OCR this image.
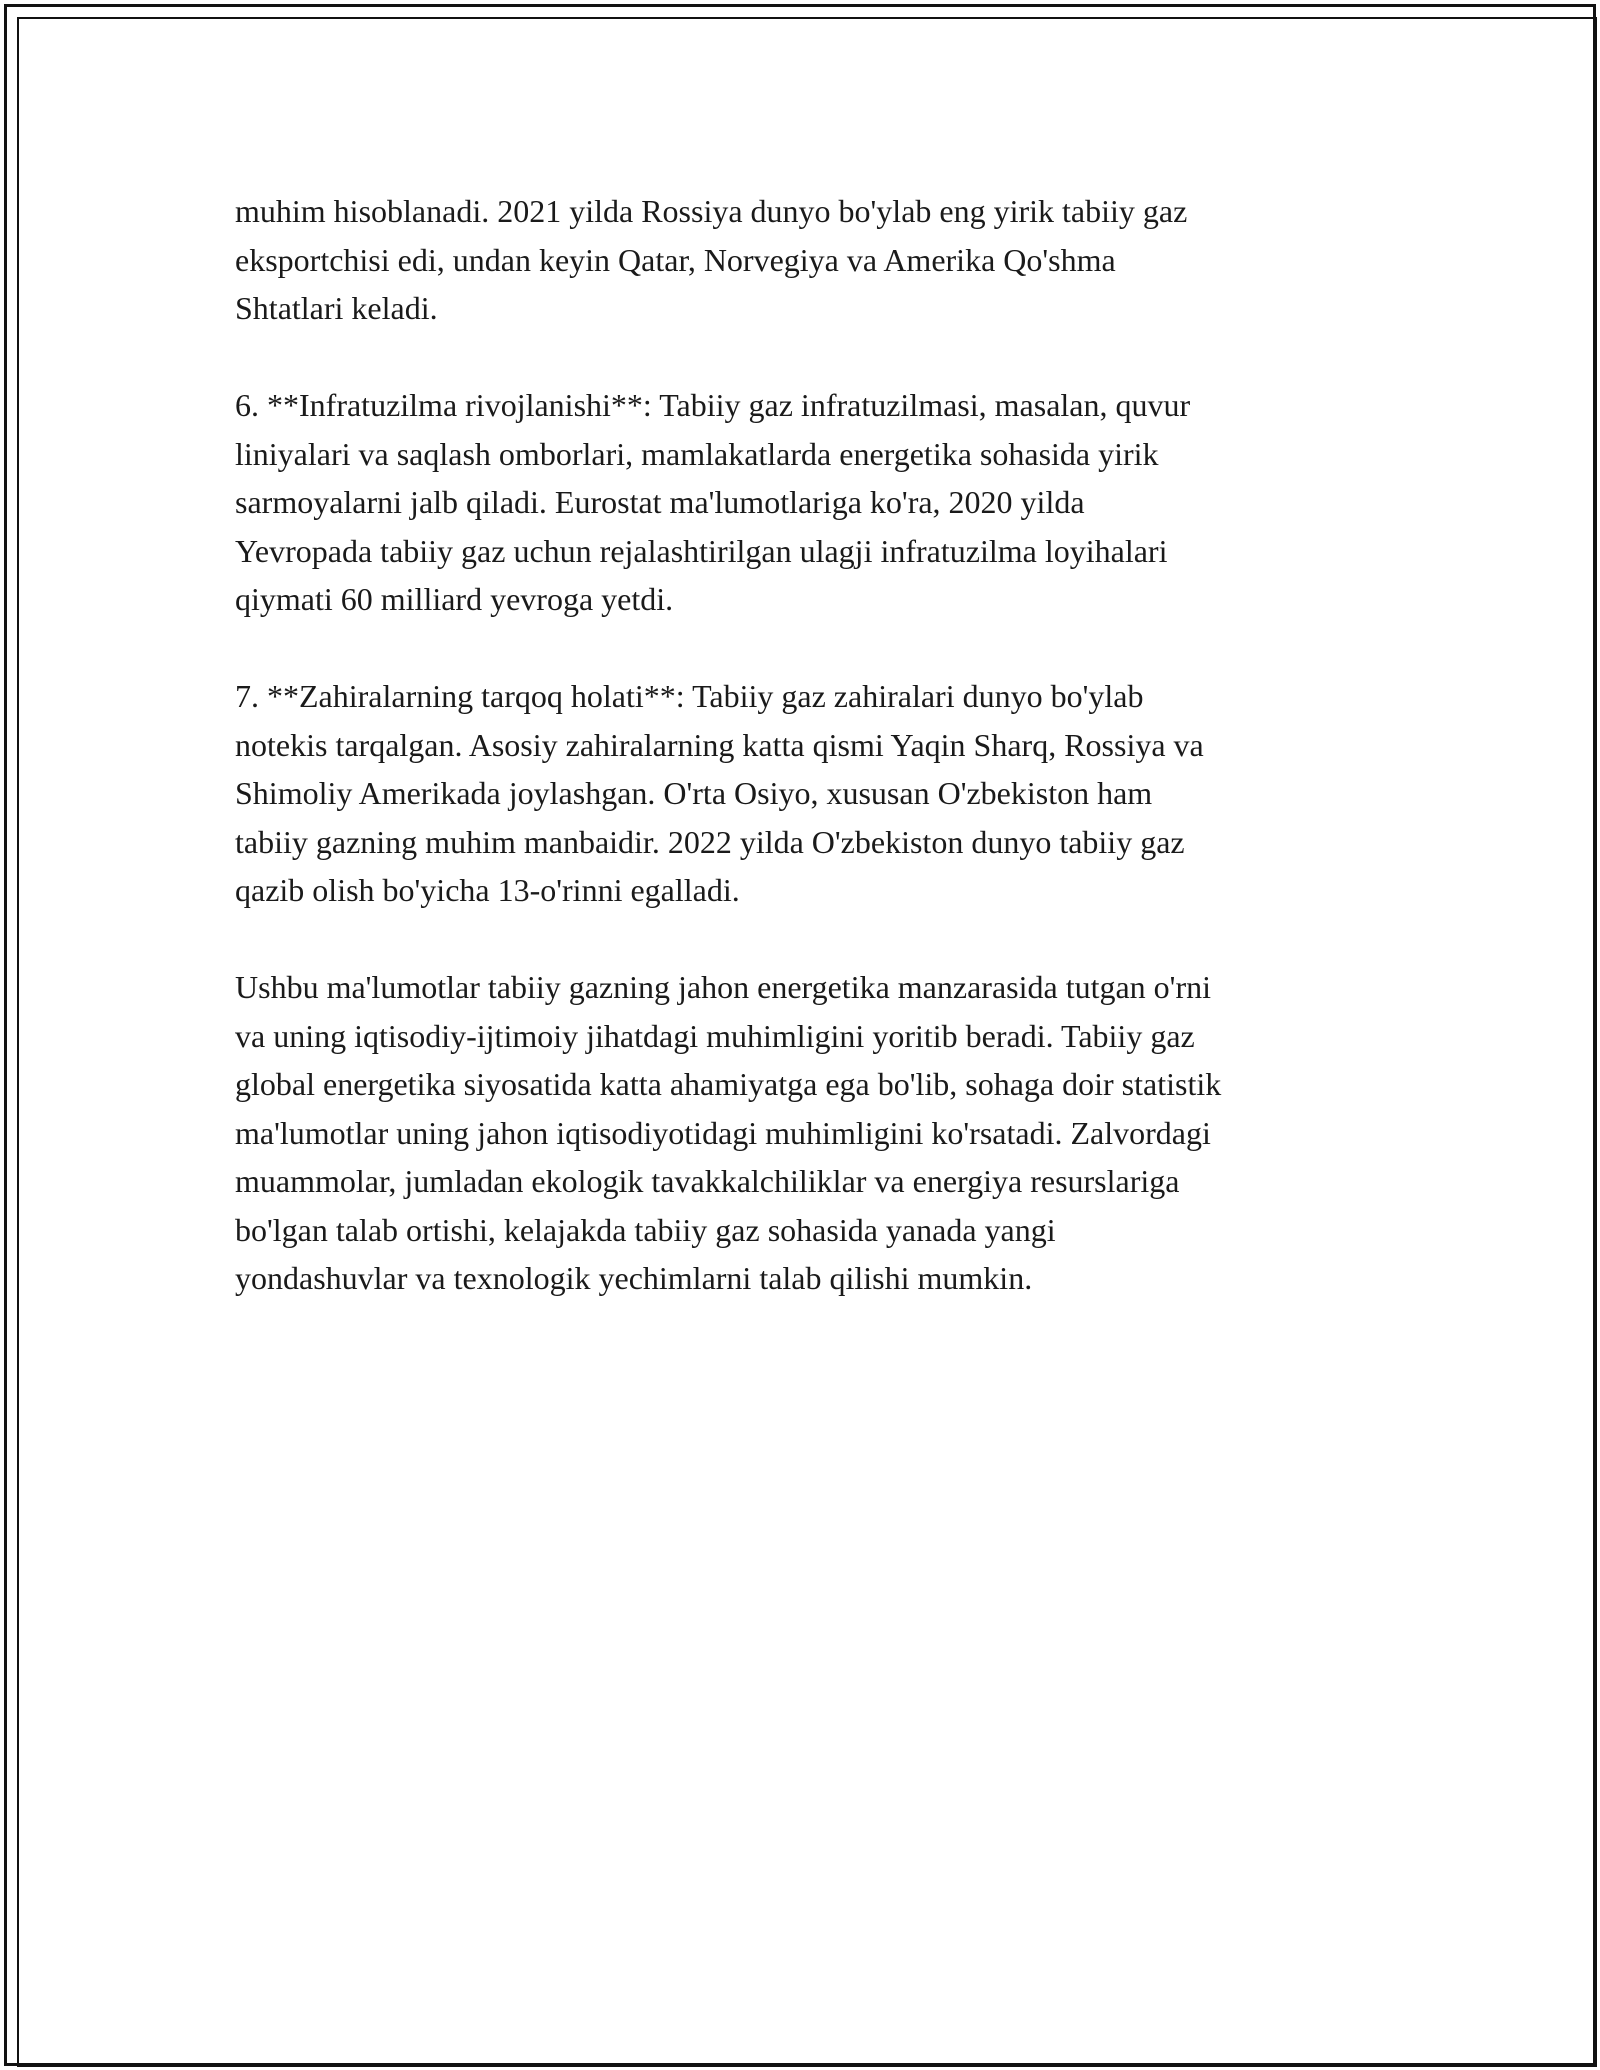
muhim hisoblanadi. 2021 yilda Rossiya dunyo bo'ylab eng yirik tabiiy gaz
eksportchisi edi, undan keyin Qatar, Norvegiya va Amerika Qo'shma
Shtatlari keladi.

6. **Infratuzilma rivojlanishi**: Tabiiy gaz infratuzilmasi, masalan, quvur
liniyalari va saqlash omborlari, mamlakatlarda energetika sohasida yirik
sarmoyalarni jalb qiladi. Eurostat ma'lumotlariga ko'ra, 2020 yilda
Yevropada tabiiy gaz uchun rejalashtirilgan ulagji infratuzilma loyihalari
qiymati 60 milliard yevroga yetdi.

7. **Zahiralarning tarqoq holati**: Tabiiy gaz zahiralari dunyo bo'ylab
notekis tarqalgan. Asosiy zahiralarning katta qismi Yaqin Sharq, Rossiya va
Shimoliy Amerikada joylashgan. O'rta Osiyo, xususan O'zbekiston ham
tabiiy gazning muhim manbaidir. 2022 yilda O'zbekiston dunyo tabiiy gaz
qazib olish bo'yicha 13-o'rinni egalladi.

Ushbu ma'lumotlar tabiiy gazning jahon energetika manzarasida tutgan o'rni
va uning iqtisodiy-ijtimoiy jihatdagi muhimligini yoritib beradi. Tabiiy gaz
global energetika siyosatida katta ahamiyatga ega bo'lib, sohaga doir statistik
ma'lumotlar uning jahon iqtisodiyotidagi muhimligini ko'rsatadi. Zalvordagi
muammolar, jumladan ekologik tavakkalchiliklar va energiya resurslariga
bo'lgan talab ortishi, kelajakda tabiiy gaz sohasida yanada yangi
yondashuvlar va texnologik yechimlarni talab qilishi mumkin.
